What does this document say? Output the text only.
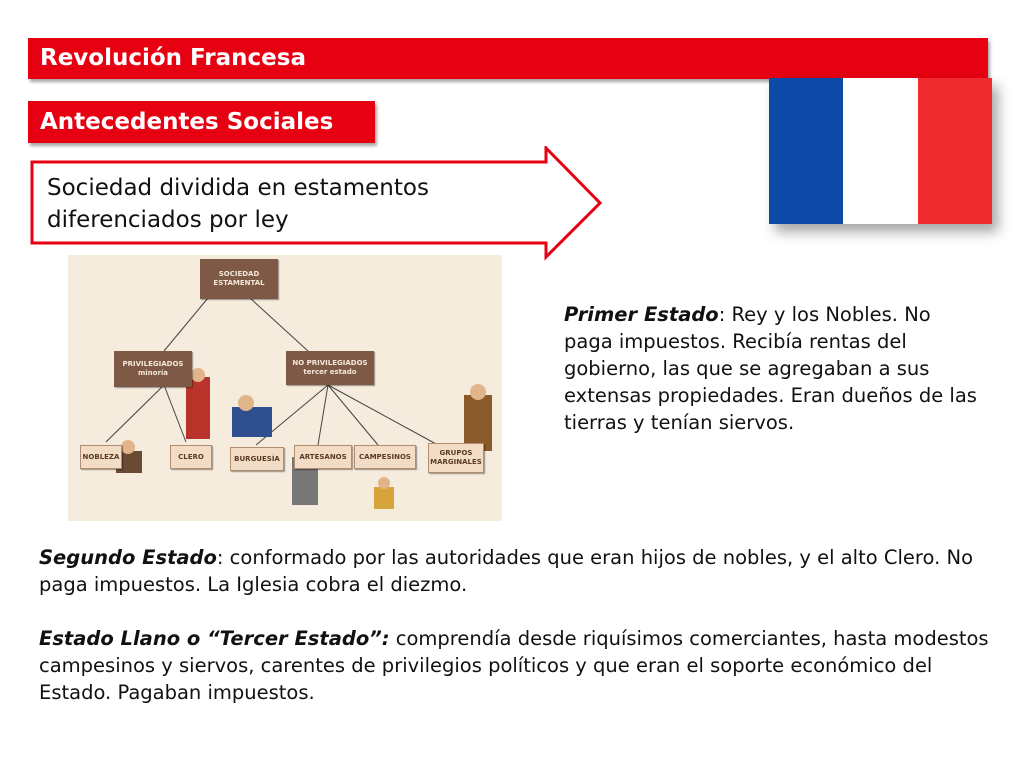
Revolución Francesa
Antecedentes Sociales
Sociedad dividida en estamentos diferenciados por ley
SOCIEDAD ESTAMENTAL
PRIVILEGIADOS minoría
NO PRIVILEGIADOS tercer estado
NOBLEZA	CLERO	BURGUESÍA	ARTESANOS	CAMPESINOS	GRUPOS MARGINALES
Primer Estado: Rey y los Nobles. No paga impuestos. Recibía rentas del gobierno, las que se agregaban a sus extensas propiedades. Eran dueños de las tierras y tenían siervos.
Segundo Estado: conformado por las autoridades que eran hijos de nobles, y el alto Clero. No paga impuestos. La Iglesia cobra el diezmo.
Estado Llano o “Tercer Estado”: comprendía desde riquísimos comerciantes, hasta modestos campesinos y siervos, carentes de privilegios políticos y que eran el soporte económico del Estado. Pagaban impuestos.
